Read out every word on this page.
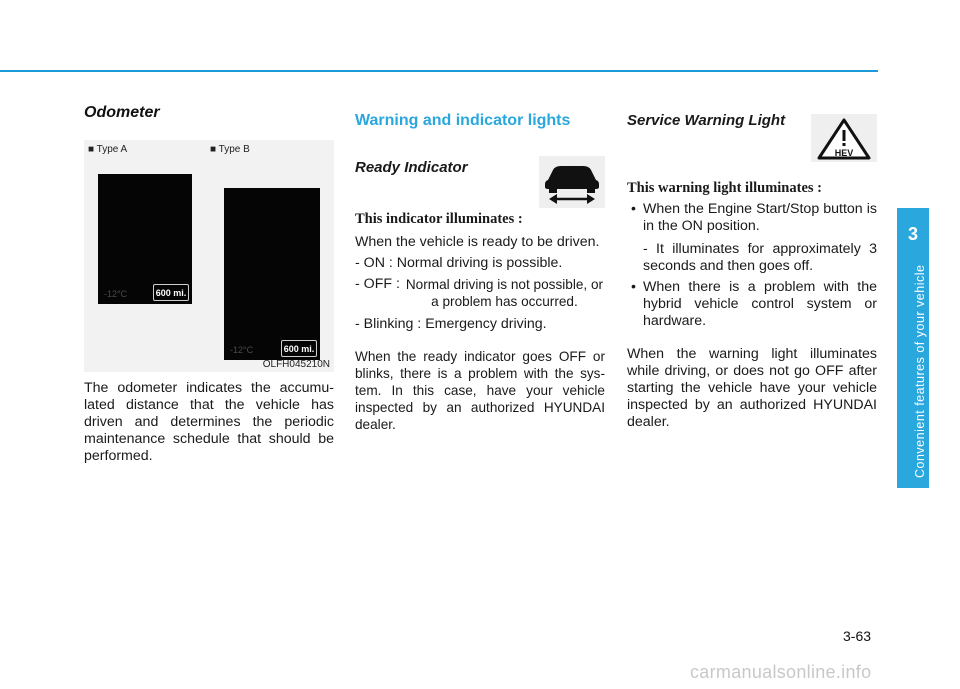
Odometer
■ Type A	■ Type B
-12°C	600 mi.
-12°C	600 mi.
OLFH045210N

The odometer indicates the accumu-lated distance that the vehicle has driven and determines the periodic maintenance schedule that should be performed.

Warning and indicator lights
Ready Indicator

This indicator illuminates :

When the vehicle is ready to be driven.

- ON : Normal driving is possible.
- OFF : Normal driving is not possible, or a problem has occurred.
- Blinking : Emergency driving.

When the ready indicator goes OFF or blinks, there is a problem with the sys-tem. In this case, have your vehicle inspected by an authorized HYUNDAI dealer.

Service Warning Light
HEV

This warning light illuminates :

• When the Engine Start/Stop button is in the ON position.
- It illuminates for approximately 3 seconds and then goes off.
• When there is a problem with the hybrid vehicle control system or hardware.

When the warning light illuminates while driving, or does not go OFF after starting the vehicle have your vehicle inspected by an authorized HYUNDAI dealer.

3
Convenient features of your vehicle
3-63
carmanualsonline.info
